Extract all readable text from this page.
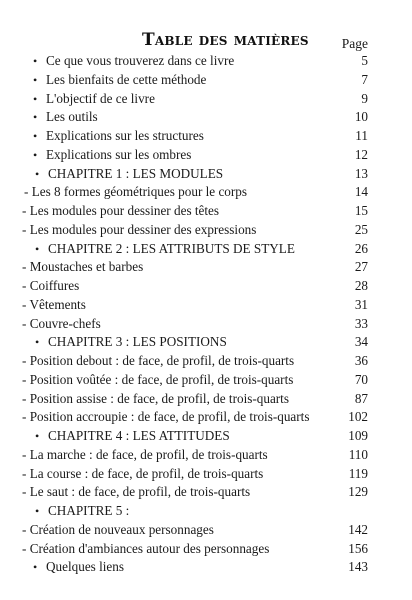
Table des matières Page
• Ce que vous trouverez dans ce livre	5
• Les bienfaits de cette méthode	7
• L'objectif de ce livre	9
• Les outils	10
• Explications sur les structures	11
• Explications sur les ombres	12
• CHAPITRE 1 : LES MODULES	13
- Les 8 formes géométriques pour le corps	14
- Les modules pour dessiner des têtes	15
- Les modules pour dessiner des expressions	25
• CHAPITRE 2 : LES ATTRIBUTS DE STYLE	26
- Moustaches et barbes	27
- Coiffures	28
- Vêtements	31
- Couvre-chefs	33
• CHAPITRE 3 : LES POSITIONS	34
- Position debout : de face, de profil, de trois-quarts	36
- Position voûtée : de face, de profil, de trois-quarts	70
- Position assise : de face, de profil, de trois-quarts	87
- Position accroupie : de face, de profil, de trois-quarts	102
• CHAPITRE 4 : LES ATTITUDES	109
- La marche : de face, de profil, de trois-quarts	110
- La course : de face, de profil, de trois-quarts	119
- Le saut : de face, de profil, de trois-quarts	129
• CHAPITRE 5 :
- Création de nouveaux personnages	142
- Création d'ambiances autour des personnages	156
• Quelques liens	143
